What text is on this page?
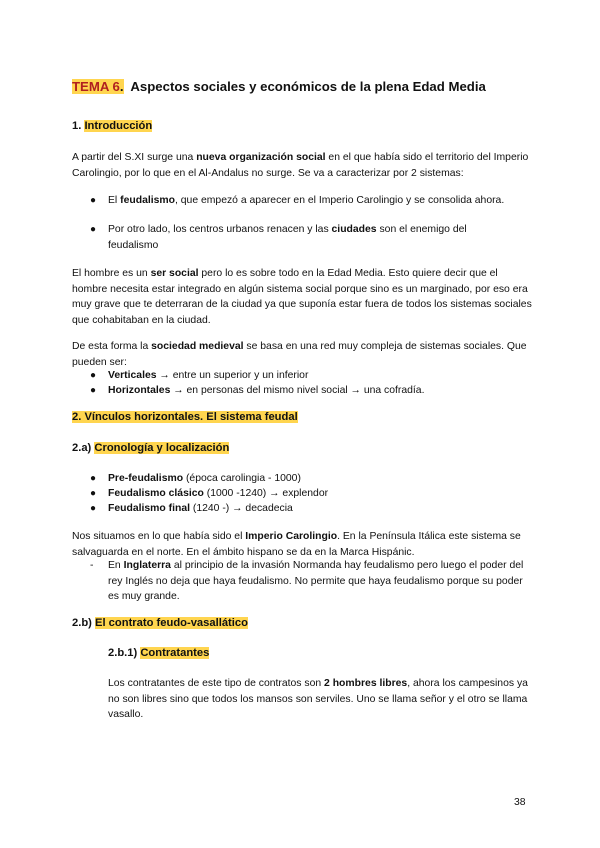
TEMA 6. Aspectos sociales y económicos de la plena Edad Media
1. Introducción

A partir del S.XI surge una nueva organización social en el que había sido el territorio del Imperio Carolingio, por lo que en el Al-Andalus no surge. Se va a caracterizar por 2 sistemas:

● El feudalismo, que empezó a aparecer en el Imperio Carolingio y se consolida ahora.
● Por otro lado, los centros urbanos renacen y las ciudades son el enemigo del feudalismo

El hombre es un ser social pero lo es sobre todo en la Edad Media. Esto quiere decir que el hombre necesita estar integrado en algún sistema social porque sino es un marginado, por eso era muy grave que te deterraran de la ciudad ya que suponía estar fuera de todos los sistemas sociales que cohabitaban en la ciudad.

De esta forma la sociedad medieval se basa en una red muy compleja de sistemas sociales. Que pueden ser:

● Verticales → entre un superior y un inferior
● Horizontales → en personas del mismo nivel social → una cofradía.
2. Vínculos horizontales. El sistema feudal
2.a) Cronología y localización
● Pre-feudalismo (época carolingia - 1000)
● Feudalismo clásico (1000 -1240) → explendor
● Feudalismo final (1240 -) → decadecia

Nos situamos en lo que había sido el Imperio Carolingio. En la Península Itálica este sistema se salvaguarda en el norte. En el ámbito hispano se da en la Marca Hispánic.

- En Inglaterra al principio de la invasión Normanda hay feudalismo pero luego el poder del rey Inglés no deja que haya feudalismo. No permite que haya feudalismo porque su poder es muy grande.
2.b) El contrato feudo-vasallático
2.b.1) Contratantes

Los contratantes de este tipo de contratos son 2 hombres libres, ahora los campesinos ya no son libres sino que todos los mansos son serviles. Uno se llama señor y el otro se llama vasallo.

38
